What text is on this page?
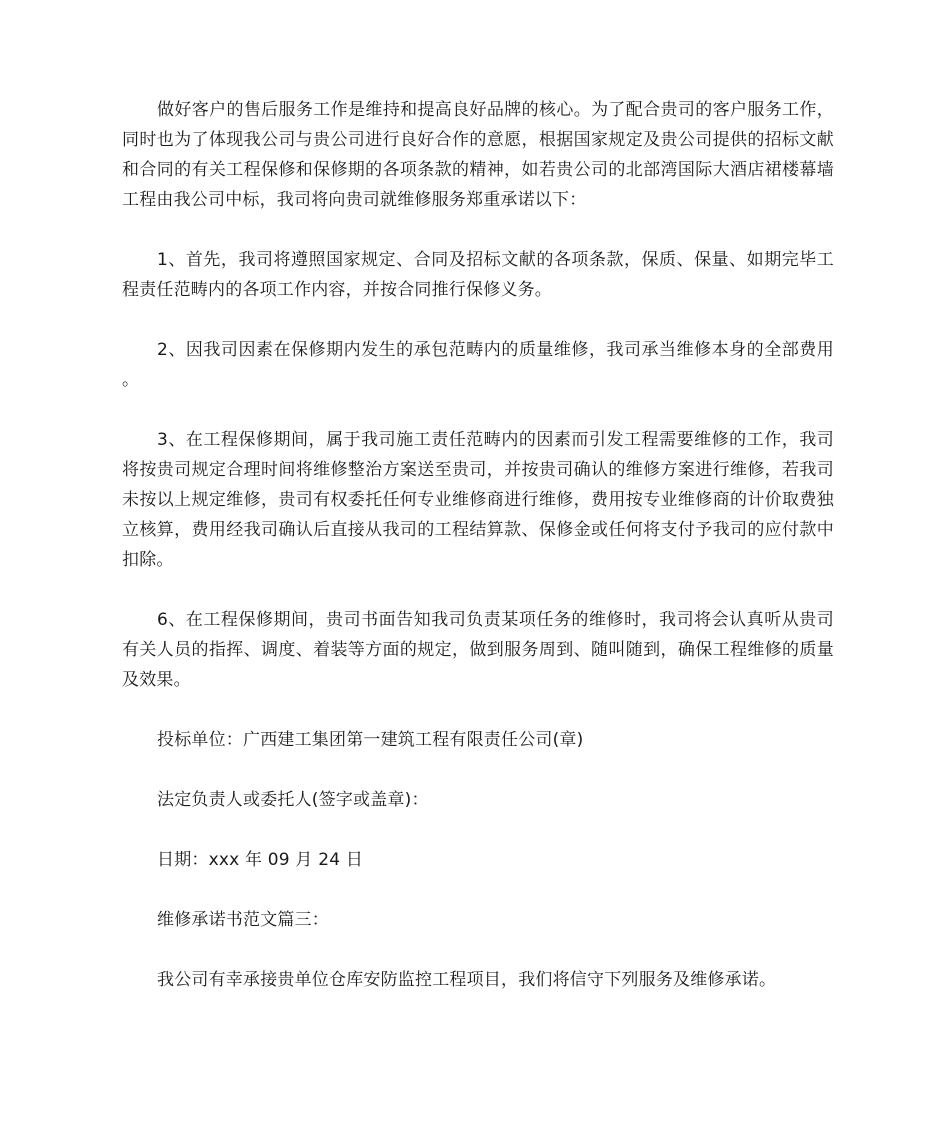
做好客户的售后服务工作是维持和提高良好品牌的核心。为了配合贵司的客户服务工作，同时也为了体现我公司与贵公司进行良好合作的意愿，根据国家规定及贵公司提供的招标文献和合同的有关工程保修和保修期的各项条款的精神，如若贵公司的北部湾国际大酒店裙楼幕墙工程由我公司中标，我司将向贵司就维修服务郑重承诺以下：

1、首先，我司将遵照国家规定、合同及招标文献的各项条款，保质、保量、如期完毕工程责任范畴内的各项工作内容，并按合同推行保修义务。

2、因我司因素在保修期内发生的承包范畴内的质量维修，我司承当维修本身的全部费用 。

3、在工程保修期间，属于我司施工责任范畴内的因素而引发工程需要维修的工作，我司将按贵司规定合理时间将维修整治方案送至贵司，并按贵司确认的维修方案进行维修，若我司未按以上规定维修，贵司有权委托任何专业维修商进行维修，费用按专业维修商的计价取费独立核算，费用经我司确认后直接从我司的工程结算款、保修金或任何将支付予我司的应付款中扣除。

6、在工程保修期间，贵司书面告知我司负责某项任务的维修时，我司将会认真听从贵司有关人员的指挥、调度、着装等方面的规定，做到服务周到、随叫随到，确保工程维修的质量及效果。

投标单位：广西建工集团第一建筑工程有限责任公司(章)

法定负责人或委托人(签字或盖章)：

日期：xxx 年 09 月 24 日

维修承诺书范文篇三：

我公司有幸承接贵单位仓库安防监控工程项目，我们将信守下列服务及维修承诺。
